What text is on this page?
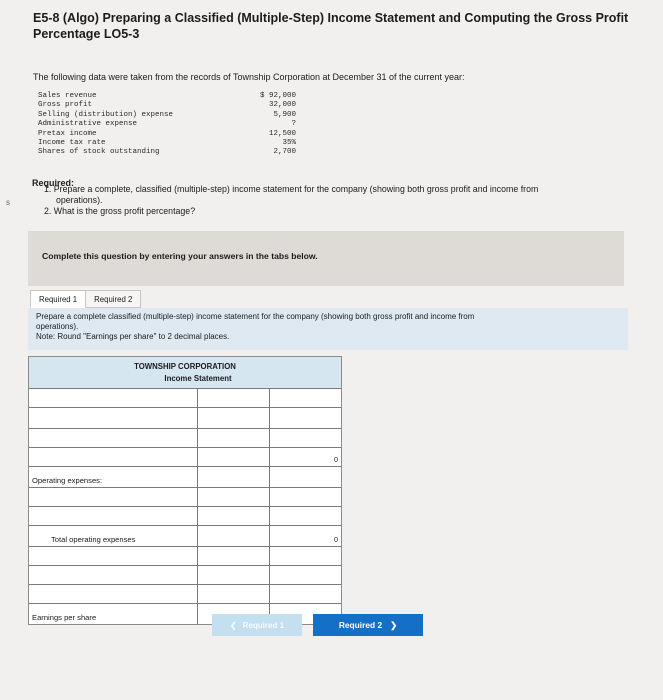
s
E5-8 (Algo) Preparing a Classified (Multiple-Step) Income Statement and Computing the Gross Profit Percentage LO5-3
The following data were taken from the records of Township Corporation at December 31 of the current year:
Sales revenue	$ 92,000
Gross profit	32,000
Selling (distribution) expense	5,900
Administrative expense	?
Pretax income	12,500
Income tax rate	35%
Shares of stock outstanding	2,700
Required:

1. Prepare a complete, classified (multiple-step) income statement for the company (showing both gross profit and income from

operations).

2. What is the gross profit percentage?

Complete this question by entering your answers in the tabs below.
Required 1	Required 2

Prepare a complete classified (multiple-step) income statement for the company (showing both gross profit and income from

operations).

Note: Round "Earnings per share" to 2 decimal places.

TOWNSHIP CORPORATION
Income Statement
0
Operating expenses:
Total operating expenses	0
Earnings per share
❮ Required 1	Required 2 ❯
